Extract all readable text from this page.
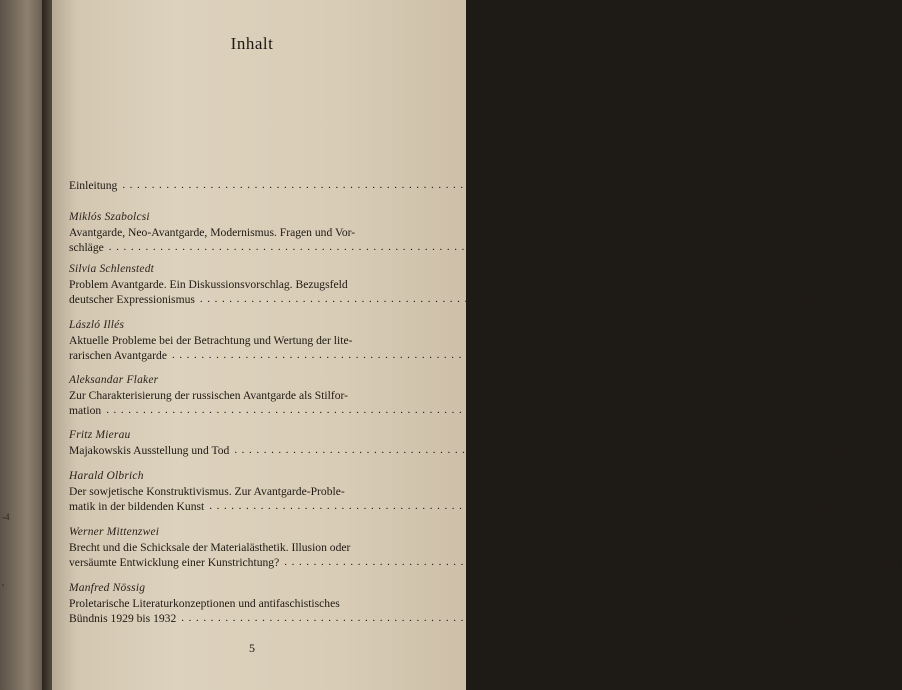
-4
,
Inhalt
Einleitung ................................................................................	7
Miklós Szabolcsi
Avantgarde, Neo-Avantgarde, Modernismus. Fragen und Vor-
schläge ................................................................................	23
Silvia Schlenstedt
Problem Avantgarde. Ein Diskussionsvorschlag. Bezugsfeld
deutscher Expressionismus ................................................................................	39
László Illés
Aktuelle Probleme bei der Betrachtung und Wertung der lite-
rarischen Avantgarde ................................................................................	55
Aleksandar Flaker
Zur Charakterisierung der russischen Avantgarde als Stilfor-
mation ................................................................................	61
Fritz Mierau
Majakowskis Ausstellung und Tod ................................................................................ 100
Harald Olbrich
Der sowjetische Konstruktivismus. Zur Avantgarde-Proble-
matik in der bildenden Kunst ................................................................................ 125
Werner Mittenzwei
Brecht und die Schicksale der Materialästhetik. Illusion oder
versäumte Entwicklung einer Kunstrichtung? ................................................................................ 141
Manfred Nössig
Proletarische Literaturkonzeptionen und antifaschistisches
Bündnis 1929 bis 1932 ................................................................................ 169
5
